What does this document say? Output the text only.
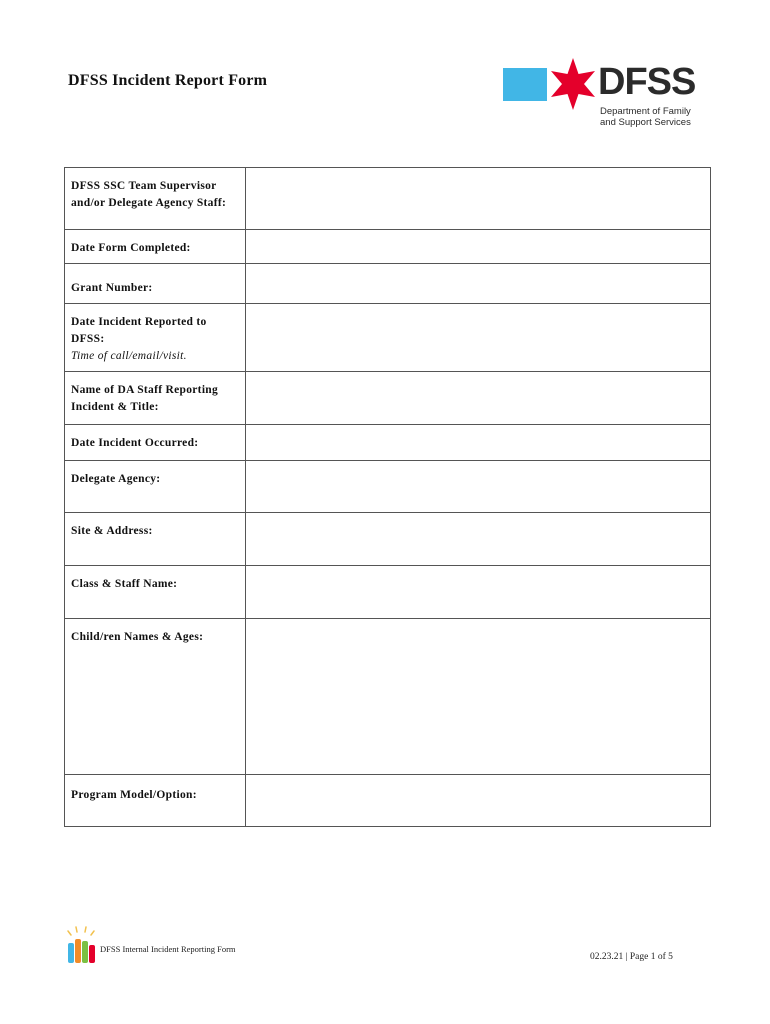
DFSS Incident Report Form	DFSS
Department of Family
and Support Services
DFSS SSC Team Supervisor and/or Delegate Agency Staff:	
Date Form Completed:	
Grant Number:	
Date Incident Reported to DFSS:
Time of call/email/visit.	

Name of DA Staff Reporting Incident & Title:	
Date Incident Occurred:	
Delegate Agency:	
Site & Address:	
Class & Staff Name:	
Child/ren Names & Ages:	
Program Model/Option:	
DFSS Internal Incident Reporting Form
02.23.21 | Page 1 of 5
